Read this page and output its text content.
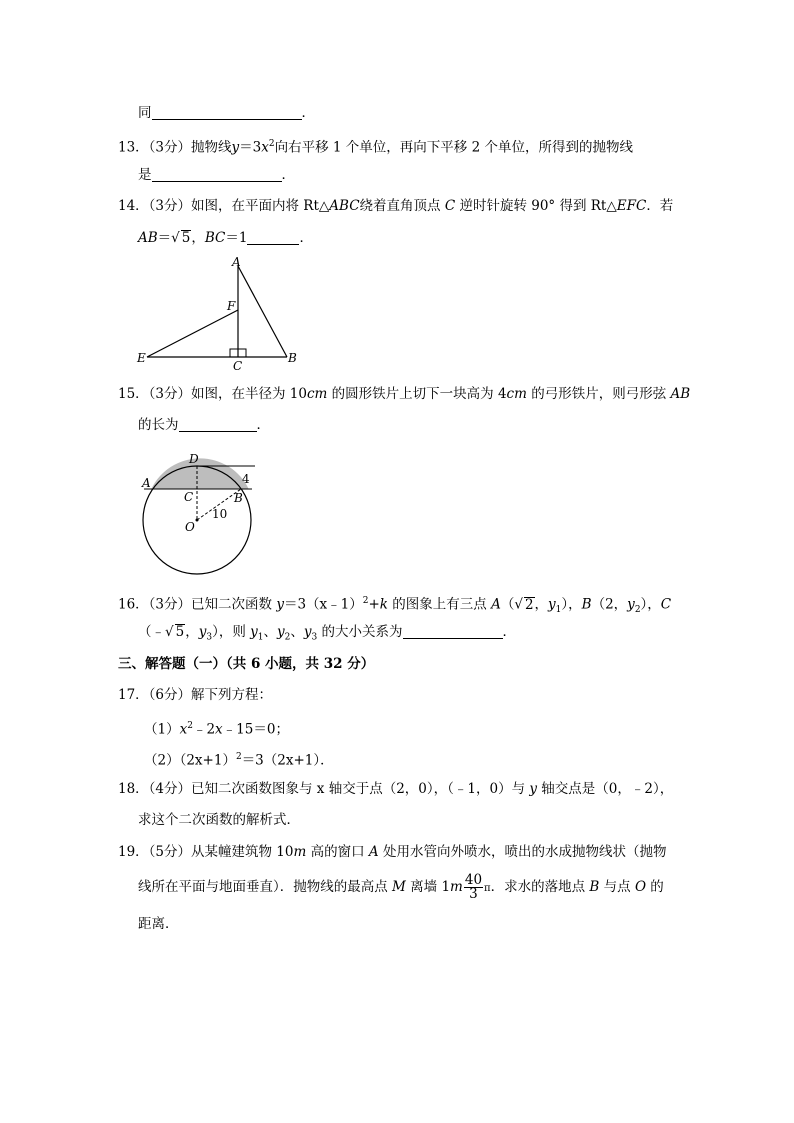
同	．
13．（3分）抛物线$y=3x^2$向右平移 1 个单位，再向下平移 2 个单位，所得到的抛物线
是	．
14．（3分）如图，在平面内将 Rt△ABC绕着直角顶点 C 逆时针旋转 90° 得到 Rt△EFC．若
AB＝√ 5，BC＝1	．
A
F
E
C
B
15．（3分）如图，在半径为 10cm 的圆形铁片上切下一块高为 4cm 的弓形铁片，则弓形弦 AB
的长为	．
D
A
C	B
O
4
10
16．（3分）已知二次函数 y＝3（x﹣1）$^2$+k 的图象上有三点 A（√ 2，$y_1$），B（2，$y_2$），C
（﹣√ 5，$y_3$），则 $y_1$、$y_2$、$y_3$ 的大小关系为	．
三、解答题（一）（共 6 小题，共 32 分）
17．（6分）解下列方程：
$(1)x^2﹣2x﹣15=0$；
$(2)(2x+1)^2=3(2x+1)$．
18．（4分）已知二次函数图象与 x 轴交于点（2，0），（﹣1，0）与 y 轴交点是（0，﹣2），
求这个二次函数的解析式．
19．（5分）从某幢建筑物 10m 高的窗口 A 处用水管向外喷水，喷出的水成抛物线状（抛物
线所在平面与地面垂直）．抛物线的最高点 M 离墙 $1m \frac{40}{3}$ π．求水的落地点 B 与点 O 的
距离．
